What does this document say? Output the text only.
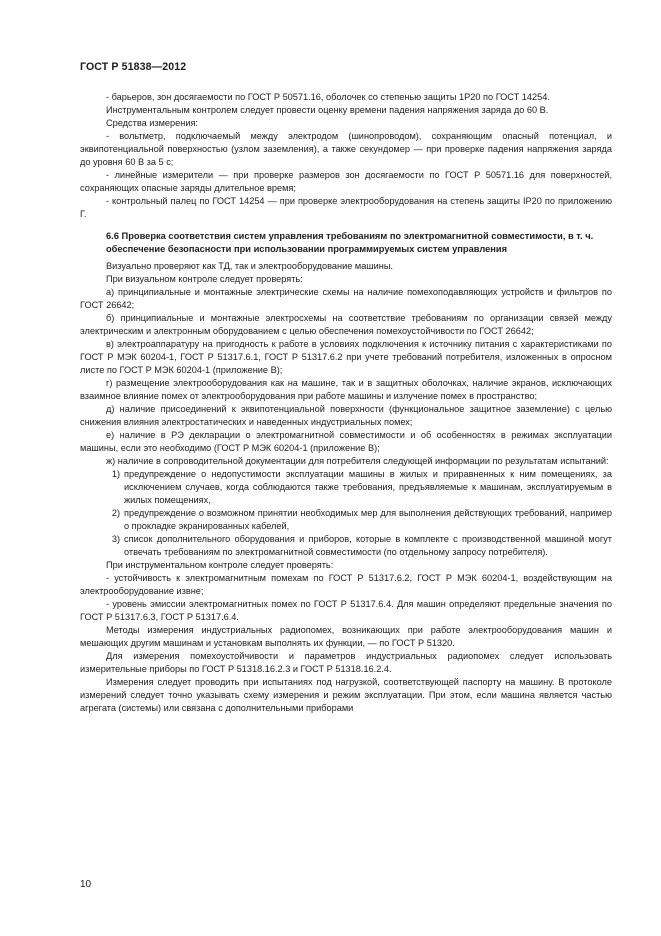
ГОСТ Р 51838—2012

- барьеров, зон досягаемости по ГОСТ Р 50571.16, оболочек со степенью защиты 1Р20 по ГОСТ 14254.

Инструментальным контролем следует провести оценку времени падения напряжения заряда до 60 В.

Средства измерения:

- вольтметр, подключаемый между электродом (шинопроводом), сохраняющим опасный потенциал, и эквипотенциальной поверхностью (узлом заземления), а также секундомер — при проверке падения напряжения заряда до уровня 60 В за 5 с;

- линейные измерители — при проверке размеров зон досягаемости по ГОСТ Р 50571.16 для поверхностей, сохраняющих опасные заряды длительное время;

- контрольный палец по ГОСТ 14254 — при проверке электрооборудования на степень защиты IP20 по приложению Г.

6.6 Проверка соответствия систем управления требованиям по электромагнитной совместимости, в т. ч. обеспечение безопасности при использовании программируемых систем управления

Визуально проверяют как ТД, так и электрооборудование машины.

При визуальном контроле следует проверять:

а) принципиальные и монтажные электрические схемы на наличие помехоподавляющих устройств и фильтров по ГОСТ 26642;

б) принципиальные и монтажные электросхемы на соответствие требованиям по организации связей между электрическим и электронным оборудованием с целью обеспечения помехоустойчивости по ГОСТ 26642;

в) электроаппаратуру на пригодность к работе в условиях подключения к источнику питания с характеристиками по ГОСТ Р МЭК 60204-1, ГОСТ Р 51317.6.1, ГОСТ Р 51317.6.2 при учете требований потребителя, изложенных в опросном листе по ГОСТ Р МЭК 60204-1 (приложение В);

г) размещение электрооборудования как на машине, так и в защитных оболочках, наличие экранов, исключающих взаимное влияние помех от электрооборудования при работе машины и излучение помех в пространство;

д) наличие присоединений к эквипотенциальной поверхности (функциональное защитное заземление) с целью снижения влияния электростатических и наведенных индустриальных помех;

е) наличие в РЭ декларации о электромагнитной совместимости и об особенностях в режимах эксплуатации машины, если это необходимо (ГОСТ Р МЭК 60204-1 (приложение В);

ж) наличие в сопроводительной документации для потребителя следующей информации по результатам испытаний:

1) предупреждение о недопустимости эксплуатации машины в жилых и приравненных к ним помещениях, за исключением случаев, когда соблюдаются также требования, предъявляемые к машинам, эксплуатируемым в жилых помещениях,
2) предупреждение о возможном принятии необходимых мер для выполнения действующих требований, например о прокладке экранированных кабелей,
3) список дополнительного оборудования и приборов, которые в комплекте с производственной машиной могут отвечать требованиям по электромагнитной совместимости (по отдельному запросу потребителя).

При инструментальном контроле следует проверять:

- устойчивость к электромагнитным помехам по ГОСТ Р 51317.6.2, ГОСТ Р МЭК 60204-1, воздействующим на электрооборудование извне;

- уровень эмиссии электромагнитных помех по ГОСТ Р 51317.6.4. Для машин определяют предельные значения по ГОСТ Р 51317.6.3, ГОСТ Р 51317.6.4.

Методы измерения индустриальных радиопомех, возникающих при работе электрооборудования машин и мешающих другим машинам и установкам выполнять их функции, — по ГОСТ Р 51320.

Для измерения помехоустойчивости и параметров индустриальных радиопомех следует использовать измерительные приборы по ГОСТ Р 51318.16.2.3 и ГОСТ Р 51318.16.2.4.

Измерения следует проводить при испытаниях под нагрузкой, соответствующей паспорту на машину. В протоколе измерений следует точно указывать схему измерения и режим эксплуатации. При этом, если машина является частью агрегата (системы) или связана с дополнительными приборами

10
